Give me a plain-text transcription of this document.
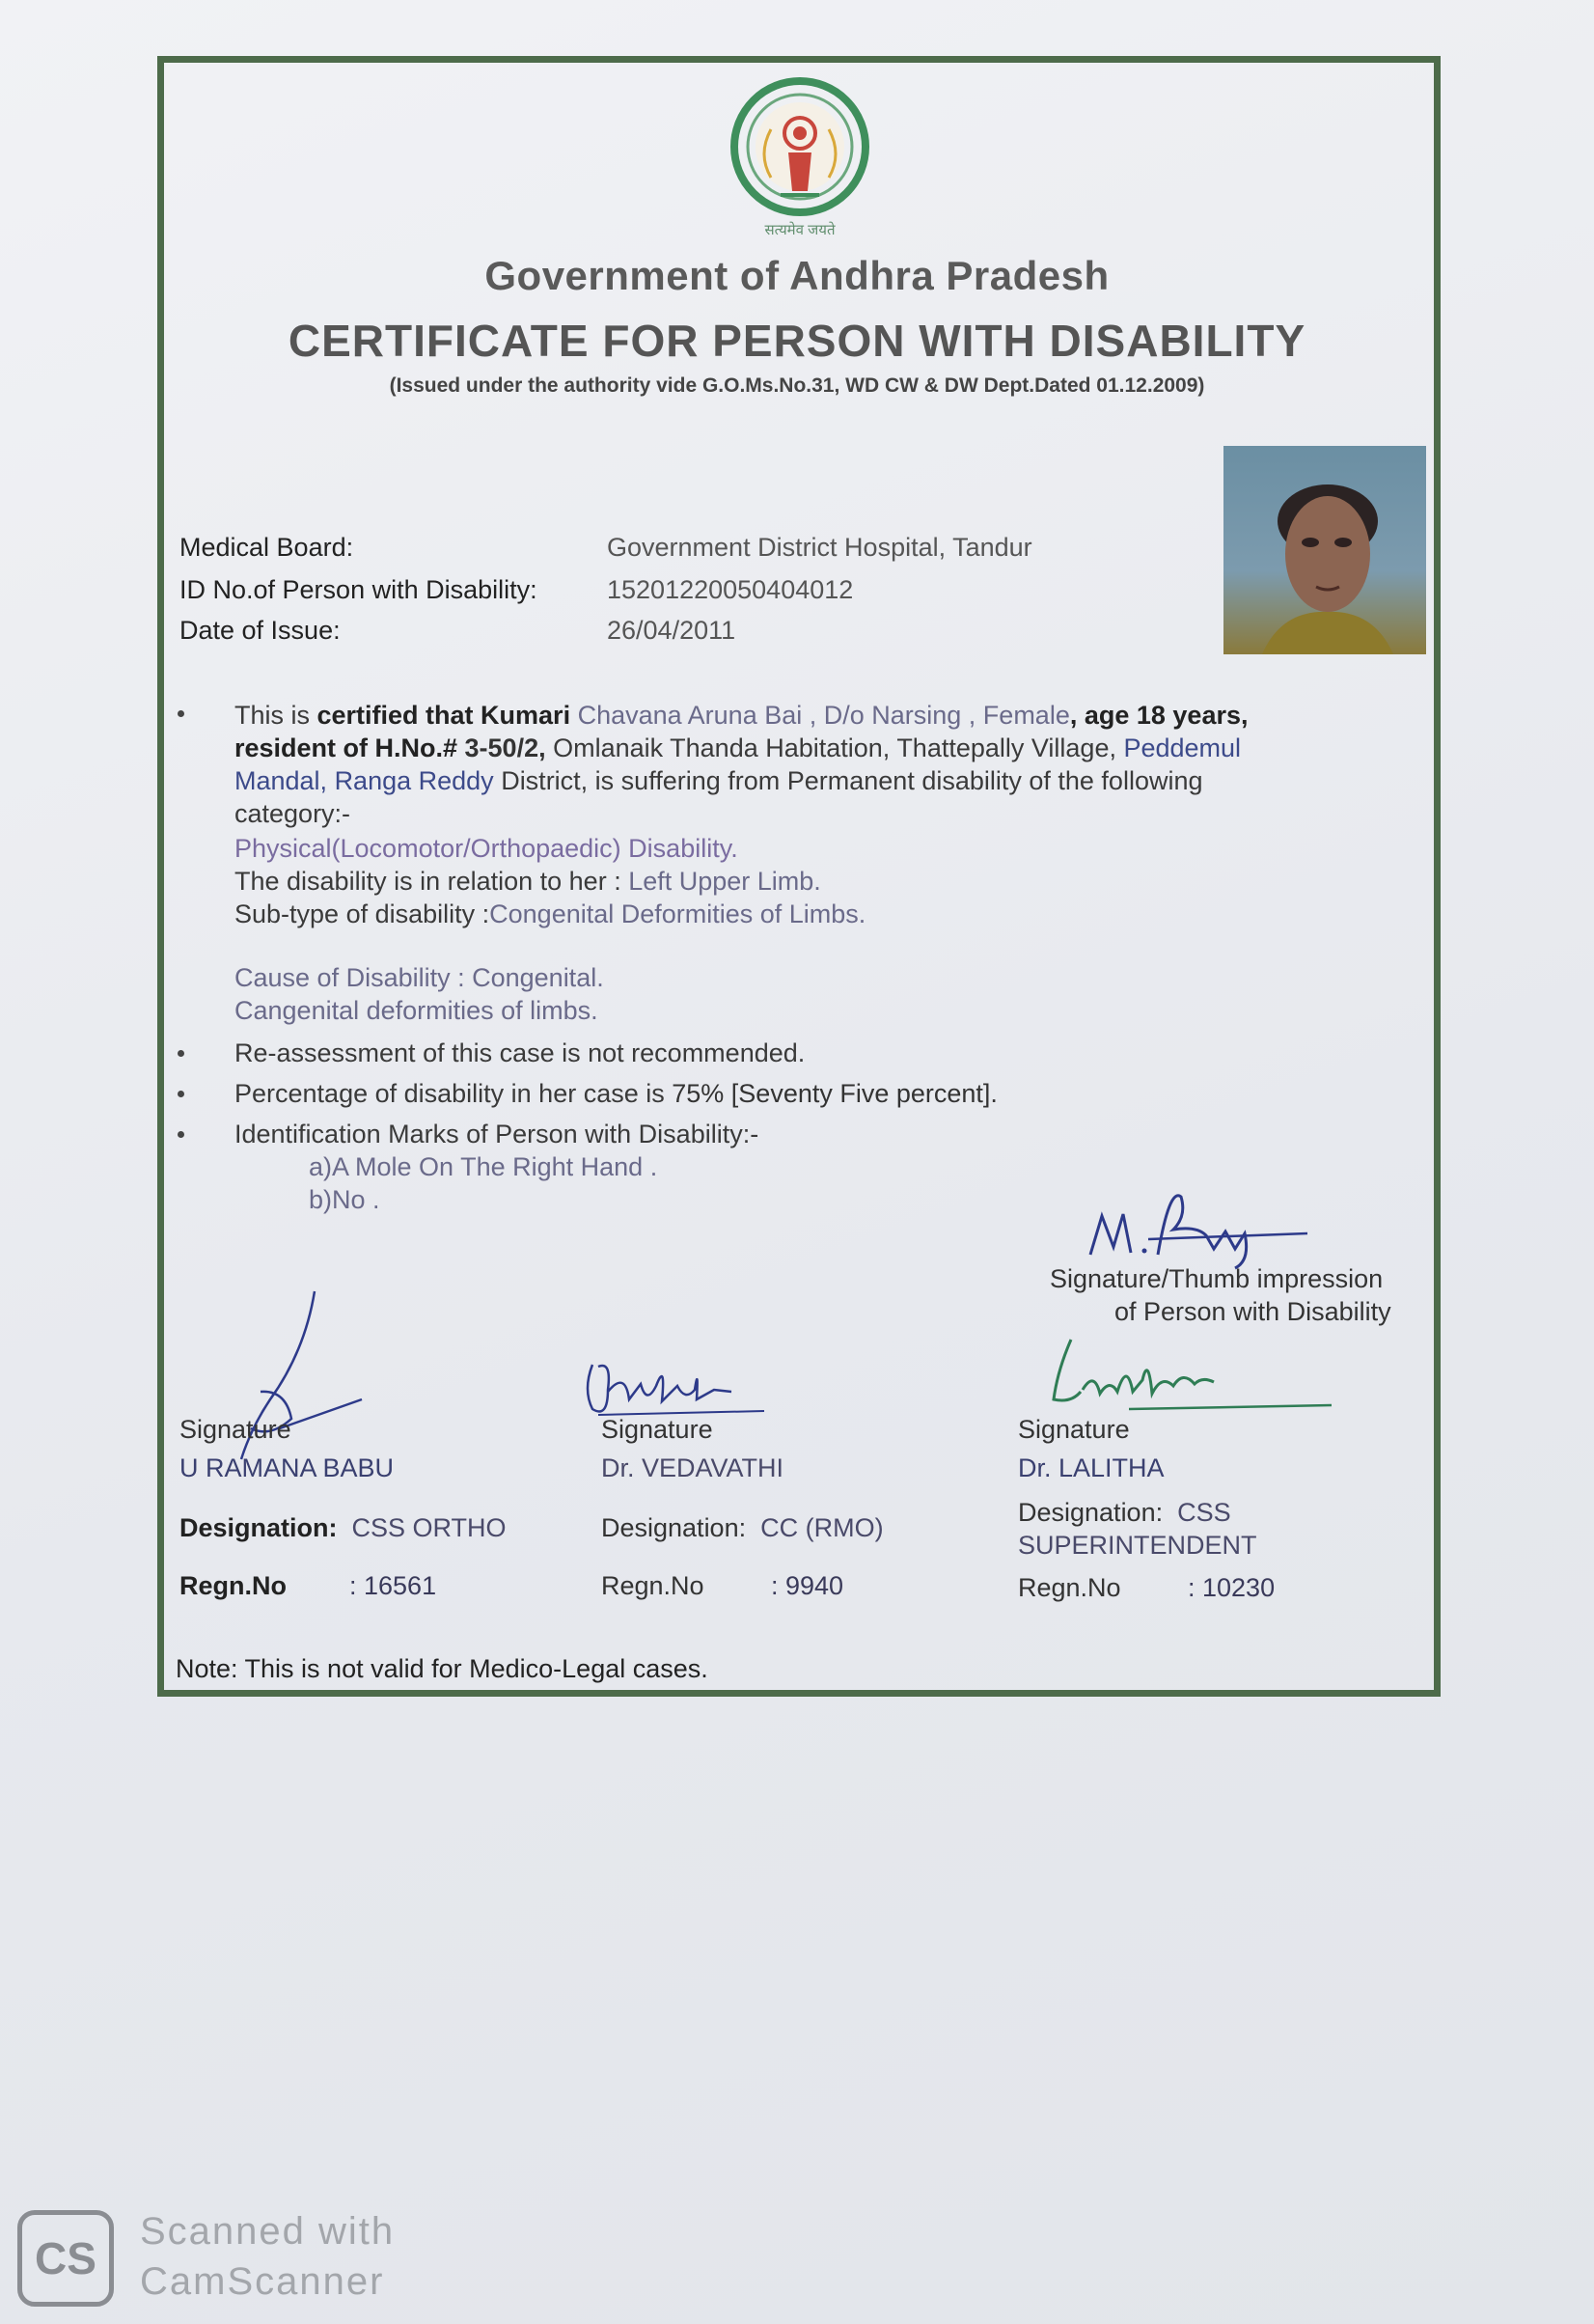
सत्यमेव जयते
Government of Andhra Pradesh
CERTIFICATE FOR PERSON WITH DISABILITY
(Issued under the authority vide G.O.Ms.No.31, WD CW & DW Dept.Dated 01.12.2009)
Medical Board:	Government District Hospital, Tandur
ID No.of Person with Disability:	15201220050404012
Date of Issue:	26/04/2011
This is certified that Kumari Chavana Aruna Bai , D/o Narsing , Female, age 18 years,
resident of H.No.# 3-50/2, Omlanaik Thanda Habitation, Thattepally Village, Peddemul
Mandal, Ranga Reddy District, is suffering from Permanent disability of the following
category:-
Physical(Locomotor/Orthopaedic) Disability.
The disability is in relation to her : Left Upper Limb.
Sub-type of disability :Congenital Deformities of Limbs.
Cause of Disability : Congenital.
Cangenital deformities of limbs.
Re-assessment of this case is not recommended.
Percentage of disability in her case is 75% [Seventy Five percent].
Identification Marks of Person with Disability:-
a)A Mole On The Right Hand .
b)No .
Signature/Thumb impression
of Person with Disability
Signature
U RAMANA BABU
Designation: CSS ORTHO
Regn.No : 16561
Signature
Dr. VEDAVATHI
Designation: CC (RMO)
Regn.No	: 9940
Signature
Dr. LALITHA
Designation: CSS
SUPERINTENDENT
Regn.No	: 10230
Note: This is not valid for Medico-Legal cases.
CS
Scanned with
CamScanner
